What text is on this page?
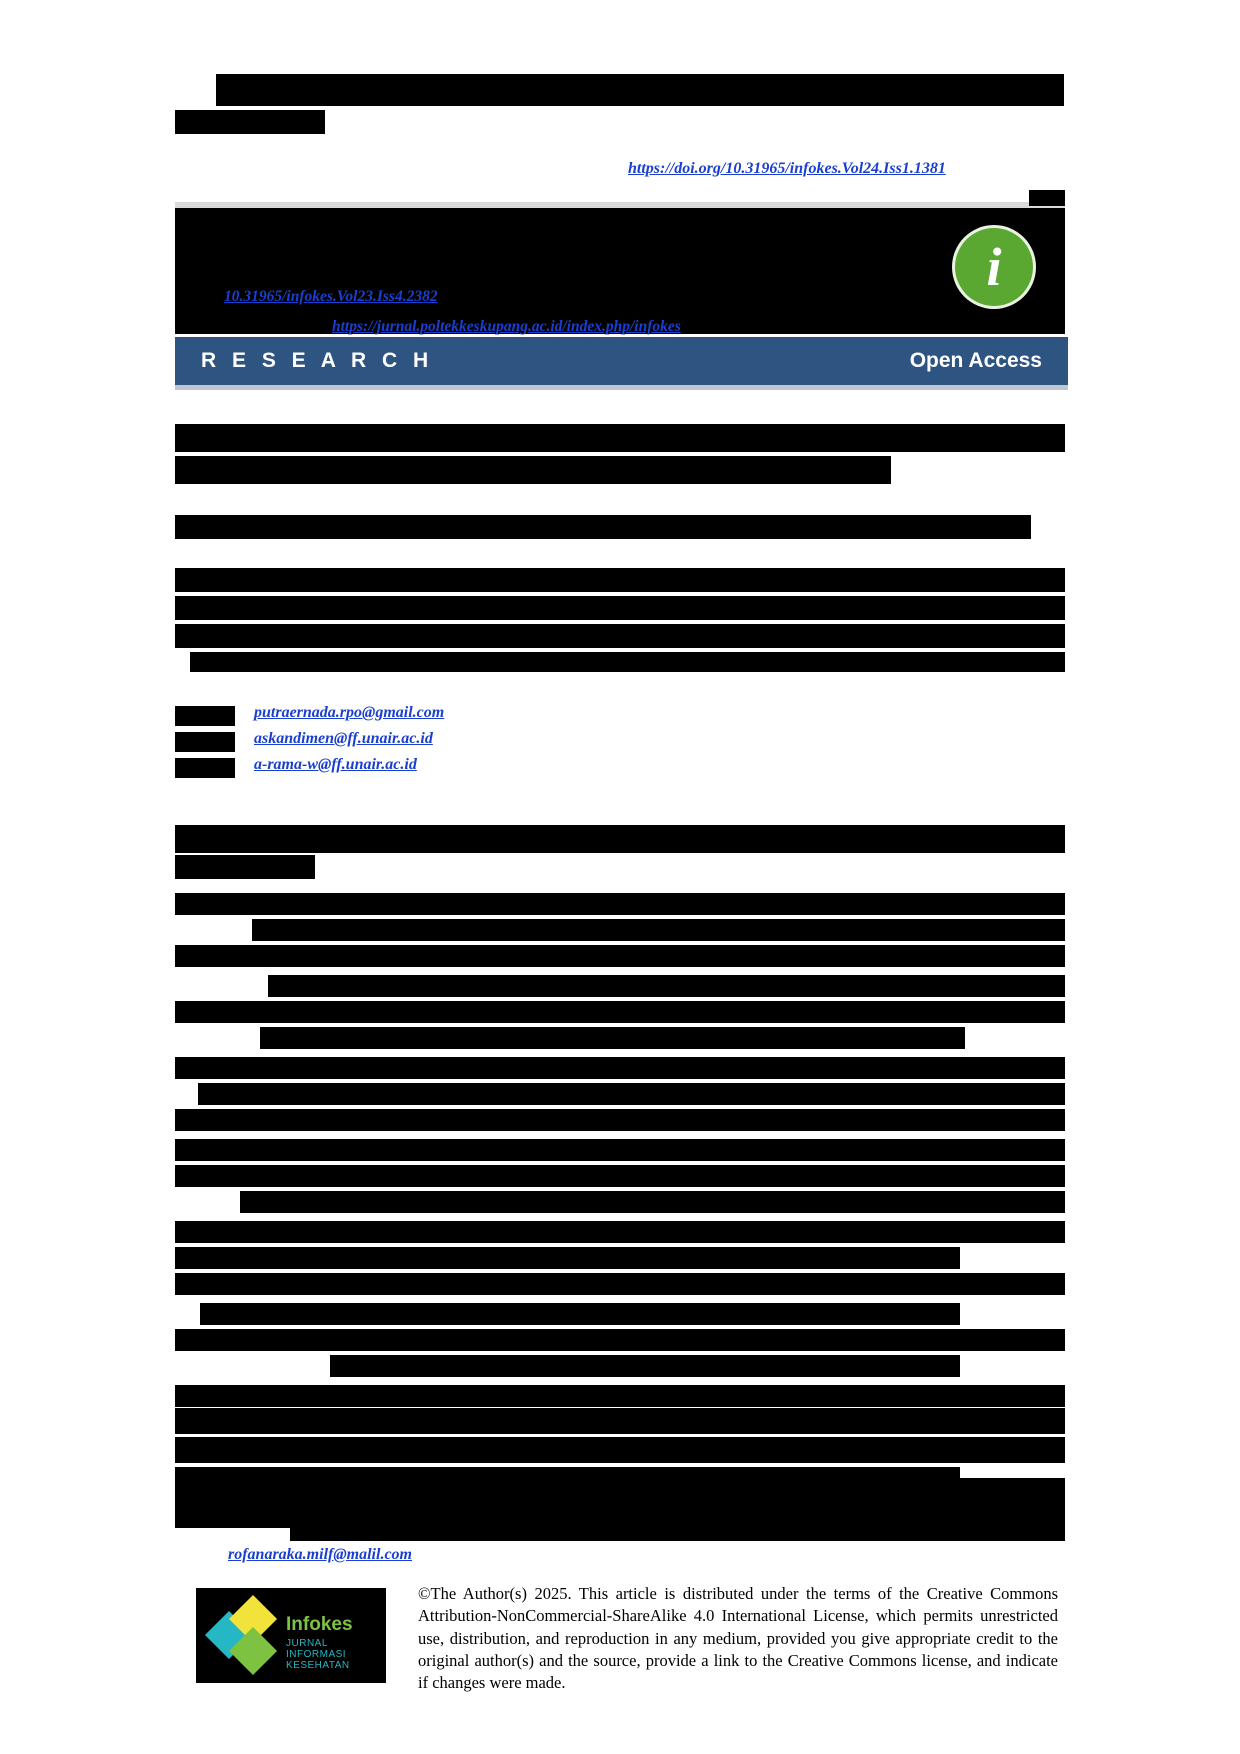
https://doi.org/10.31965/infokes.Vol24.Iss1.1381
10.31965/infokes.Vol23.Iss4.2382
https://jurnal.poltekkeskupang.ac.id/index.php/infokes
i
R E S E A R C H	Open Access
putraernada.rpo@gmail.com
askandimen@ff.unair.ac.id
a-rama-w@ff.unair.ac.id
rofanaraka.milf@malil.com
Infokes
JURNAL INFORMASI KESEHATAN
©The Author(s) 2025. This article is distributed under the terms of the Creative Commons Attribution-NonCommercial-ShareAlike 4.0 International License, which permits unrestricted use, distribution, and reproduction in any medium, provided you give appropriate credit to the original author(s) and the source, provide a link to the Creative Commons license, and indicate if changes were made.
